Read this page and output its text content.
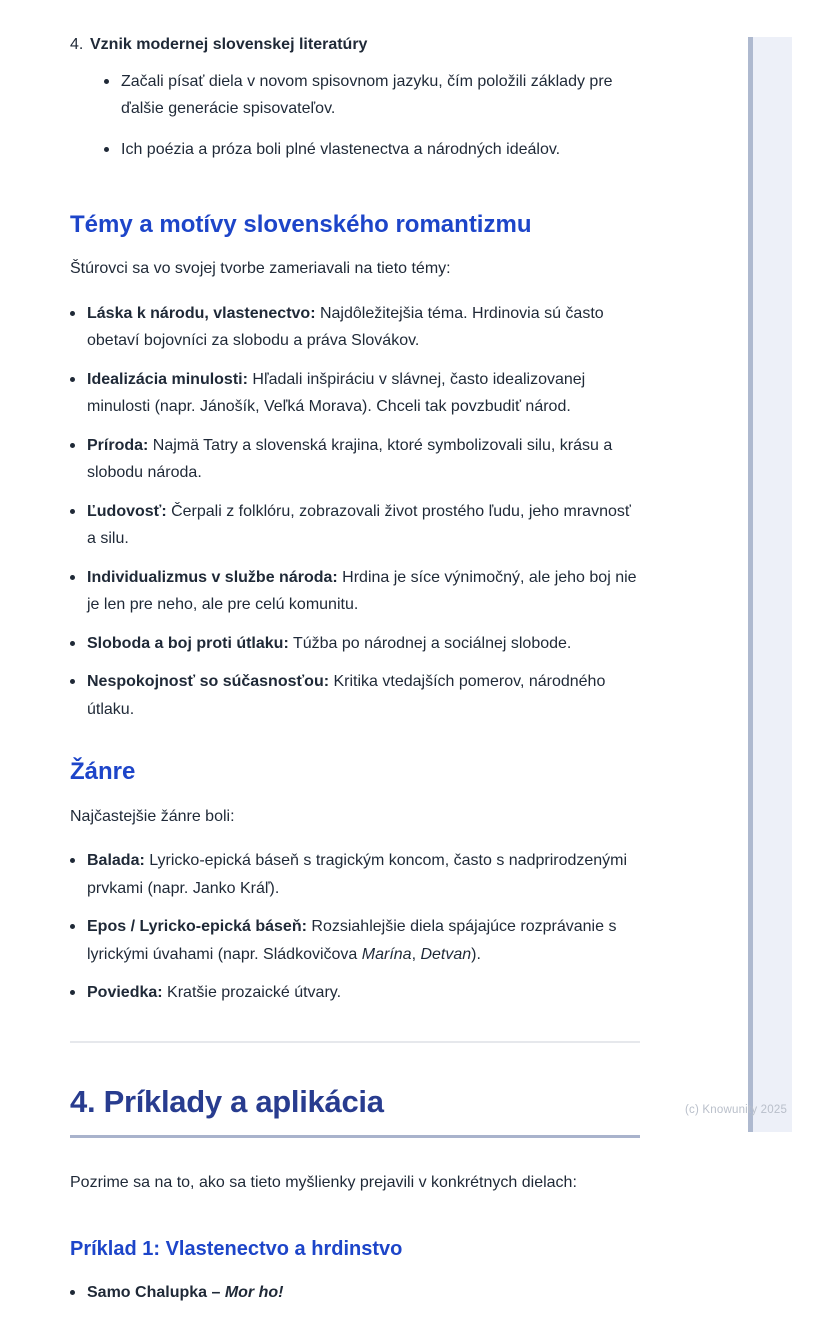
4. Vznik modernej slovenskej literatúry
Začali písať diela v novom spisovnom jazyku, čím položili základy pre ďalšie generácie spisovateľov.
Ich poézia a próza boli plné vlastenectva a národných ideálov.
Témy a motívy slovenského romantizmu

Štúrovci sa vo svojej tvorbe zameriavali na tieto témy:

Láska k národu, vlastenectvo: Najdôležitejšia téma. Hrdinovia sú často obetaví bojovníci za slobodu a práva Slovákov.
Idealizácia minulosti: Hľadali inšpiráciu v slávnej, často idealizovanej minulosti (napr. Jánošík, Veľká Morava). Chceli tak povzbudiť národ.
Príroda: Najmä Tatry a slovenská krajina, ktoré symbolizovali silu, krásu a slobodu národa.
Ľudovosť: Čerpali z folklóru, zobrazovali život prostého ľudu, jeho mravnosť a silu.
Individualizmus v službe národa: Hrdina je síce výnimočný, ale jeho boj nie je len pre neho, ale pre celú komunitu.
Sloboda a boj proti útlaku: Túžba po národnej a sociálnej slobode.
Nespokojnosť so súčasnosťou: Kritika vtedajších pomerov, národného útlaku.
Žánre

Najčastejšie žánre boli:

Balada: Lyricko-epická báseň s tragickým koncom, často s nadprirodzenými prvkami (napr. Janko Kráľ).
Epos / Lyricko-epická báseň: Rozsiahlejšie diela spájajúce rozprávanie s lyrickými úvahami (napr. Sládkovičova Marína, Detvan).
Poviedka: Kratšie prozaické útvary.
4. Príklady a aplikácia

Pozrime sa na to, ako sa tieto myšlienky prejavili v konkrétnych dielach:

Príklad 1: Vlastenectvo a hrdinstvo
Samo Chalupka – Mor ho!
(c) Knowunity 2025
